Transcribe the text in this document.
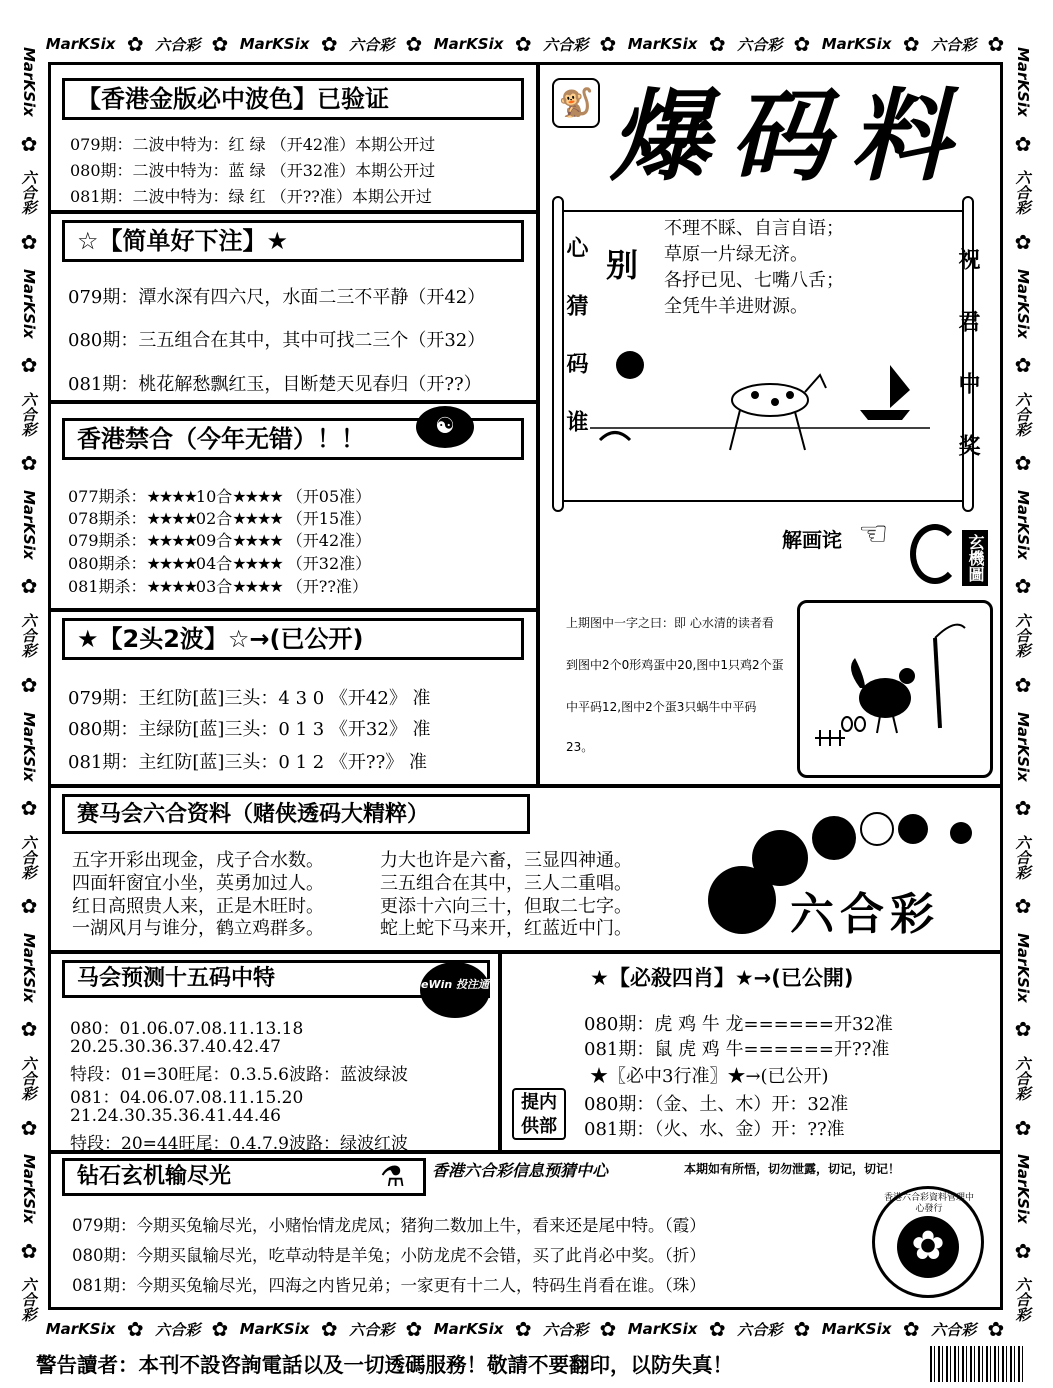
MarKSix ✿ 六合彩 ✿ MarKSix ✿ 六合彩 ✿ MarKSix ✿ 六合彩 ✿ MarKSix ✿ 六合彩 ✿ MarKSix ✿ 六合彩 ✿
MarKSix ✿ 六合彩 ✿ MarKSix ✿ 六合彩 ✿ MarKSix ✿ 六合彩 ✿ MarKSix ✿ 六合彩 ✿ MarKSix ✿ 六合彩 ✿
MarKSix
✿
六合彩
✿
MarKSix
✿
六合彩
✿
MarKSix
✿
六合彩
✿
MarKSix
✿
六合彩
✿
MarKSix
✿
六合彩
✿
MarKSix
✿
六合彩
MarKSix
✿
六合彩
✿
MarKSix
✿
六合彩
✿
MarKSix
✿
六合彩
✿
MarKSix
✿
六合彩
✿
MarKSix
✿
六合彩
✿
MarKSix
✿
六合彩
【香港金版必中波色】已验证
079期：二波中特为：红 绿 （开42准）本期公开过
080期：二波中特为：蓝 绿 （开32准）本期公开过
081期：二波中特为：绿 红 （开??准）本期公开过
☆【简单好下注】★
079期：潭水深有四六尺，水面二三不平静（开42）
080期：三五组合在其中，其中可找二三个（开32）
081期：桃花解愁飘红玉，目断楚天见春归（开??）
香港禁合（今年无错）！！	☯
077期杀：★★★★10合★★★★ （开05准）
078期杀：★★★★02合★★★★ （开15准）
079期杀：★★★★09合★★★★ （开42准）
080期杀：★★★★04合★★★★ （开32准）
081期杀：★★★★03合★★★★ （开??准）
★【2头2波】☆→(已公开)
079期：王红防[蓝]三头：4 3 0 《开42》 准
080期：主绿防[蓝]三头：0 1 3 《开32》 准
081期：主红防[蓝]三头：0 1 2 《开??》 准
🐒 爆码料
心猜码谁	祝君中奖
别
不理不睬、自言自语；
草原一片绿无济。
各抒已见、七嘴八舌；
全凭牛羊进财源。
解画诧 ☜	玄機圖
上期图中一字之曰：即 心水清的读者看
到图中2个0形鸡蛋中20,图中1只鸡2个蛋
中平码12,图中2个蛋3只蜗牛中平码
23。
赛马会六合资料（赌侠透码大精粹）
五字开彩出现金，戌子合水数。
四面轩窗宜小坐，英勇加过人。
红日高照贵人来，正是木旺时。
一湖风月与谁分，鹤立鸡群多。
力大也许是六畜，三显四神通。
三五组合在其中，三人二重唱。
更添十六向三十，但取二七字。
蛇上蛇下马来开，红蓝近中门。	六合彩
马会预测十五码中特	eWin 投注通
080：01.06.07.08.11.13.18
20.25.30.36.37.40.42.47
特段：01=30旺尾：0.3.5.6波路：蓝波绿波
081：04.06.07.08.11.15.20
21.24.30.35.36.41.44.46
特段：20=44旺尾：0.4.7.9波路：绿波红波
★【必殺四肖】★→(已公開)
080期：虎 鸡 牛 龙======开32准
081期：鼠 虎 鸡 牛======开??准
★〖必中3行准〗★→(已公开)
080期：（金、土、木）开：32准
081期：（火、水、金）开：??准
提内供部
钻石玄机输尽光	⚗ 香港六合彩信息预猜中心	本期如有所悟，切勿泄露，切记，切记！
079期：今期买兔输尽光，小赌怡情龙虎凤；猪狗二数加上牛，看来还是尾中特。（霞）
080期：今期买鼠输尽光，吃草动特是羊兔；小防龙虎不会错，买了此肖必中奖。（折）
081期：今期买兔输尽光，四海之内皆兄弟；一家更有十二人，特码生肖看在谁。（珠）
香港六合彩資料管理中心發行
✿
警告讀者：本刊不設咨詢電話以及一切透碼服務！敬請不要翻印，以防失真！
